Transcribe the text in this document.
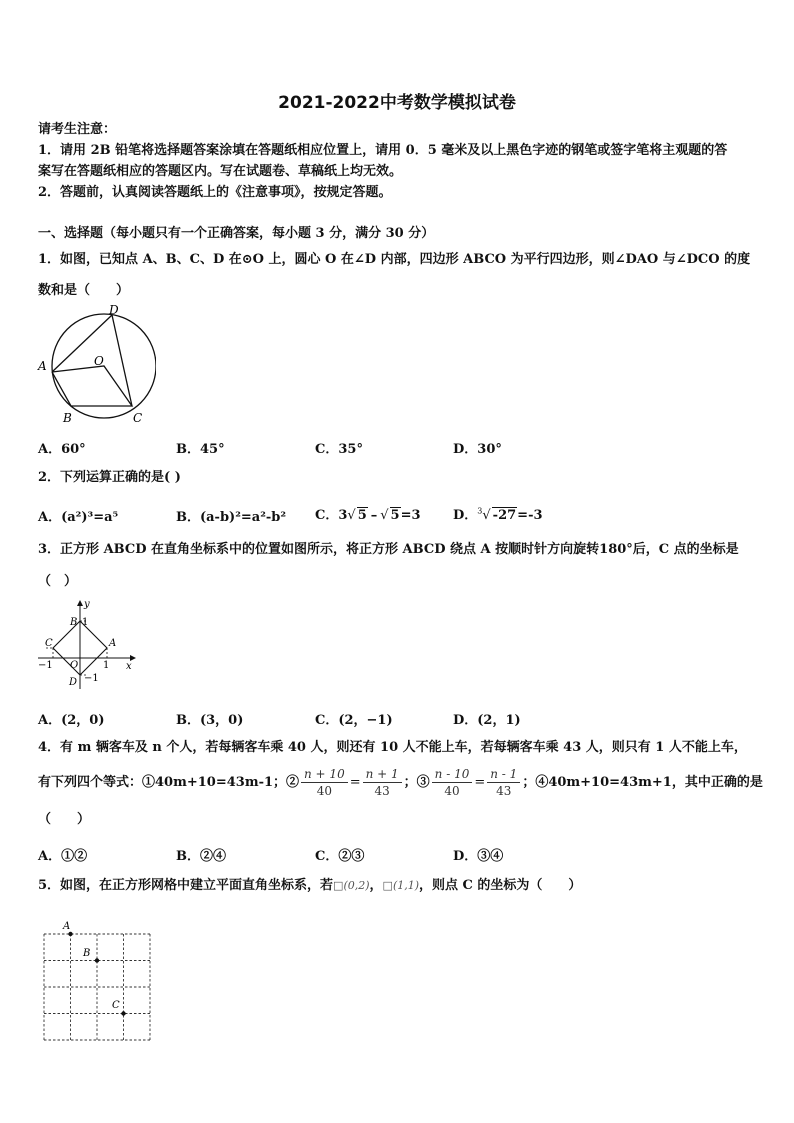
2021-2022中考数学模拟试卷
请考生注意：
1．请用 2B 铅笔将选择题答案涂填在答题纸相应位置上，请用 0．5 毫米及以上黑色字迹的钢笔或签字笔将主观题的答
案写在答题纸相应的答题区内。写在试题卷、草稿纸上均无效。
2．答题前，认真阅读答题纸上的《注意事项》，按规定答题。
一、选择题（每小题只有一个正确答案，每小题 3 分，满分 30 分）
1．如图，已知点 A、B、C、D 在⊙O 上，圆心 O 在∠D 内部，四边形 ABCO 为平行四边形，则∠DAO 与∠DCO 的度
数和是（　　）
D
A	O
B	C
A．60°	B．45°	C．35°	D．30°
2．下列运算正确的是( )
A．(a²)³=a⁵	B．(a-b)²=a²-b² C．3√ 5 – √ 5=3 D．$^3$√ -27=-3
3．正方形 ABCD 在直角坐标系中的位置如图所示，将正方形 ABCD 绕点 A 按顺时针方向旋转180°后，C 点的坐标是
（　）
y
x
B 1
C	A
−1 O 1
D −1
A．(2，0)	B．(3，0)	C．(2，−1)	D．(2，1)
4．有 m 辆客车及 n 个人，若每辆客车乘 40 人，则还有 10 人不能上车，若每辆客车乘 43 人，则只有 1 人不能上车，
有下列四个等式：①40m+10=43m-1；② $\frac{n + 10}{40} = \frac{n + 1}{43}$ ；③ $\frac{n - 10}{40} = \frac{n - 1}{43}$ ；④40m+10=43m+1，其中正确的是
（　　）
A．①②	B．②④	C．②③	D．③④
5．如图，在正方形网格中建立平面直角坐标系，若□(0,2)，□(1,1)，则点 C 的坐标为（　　）
A
B
C
